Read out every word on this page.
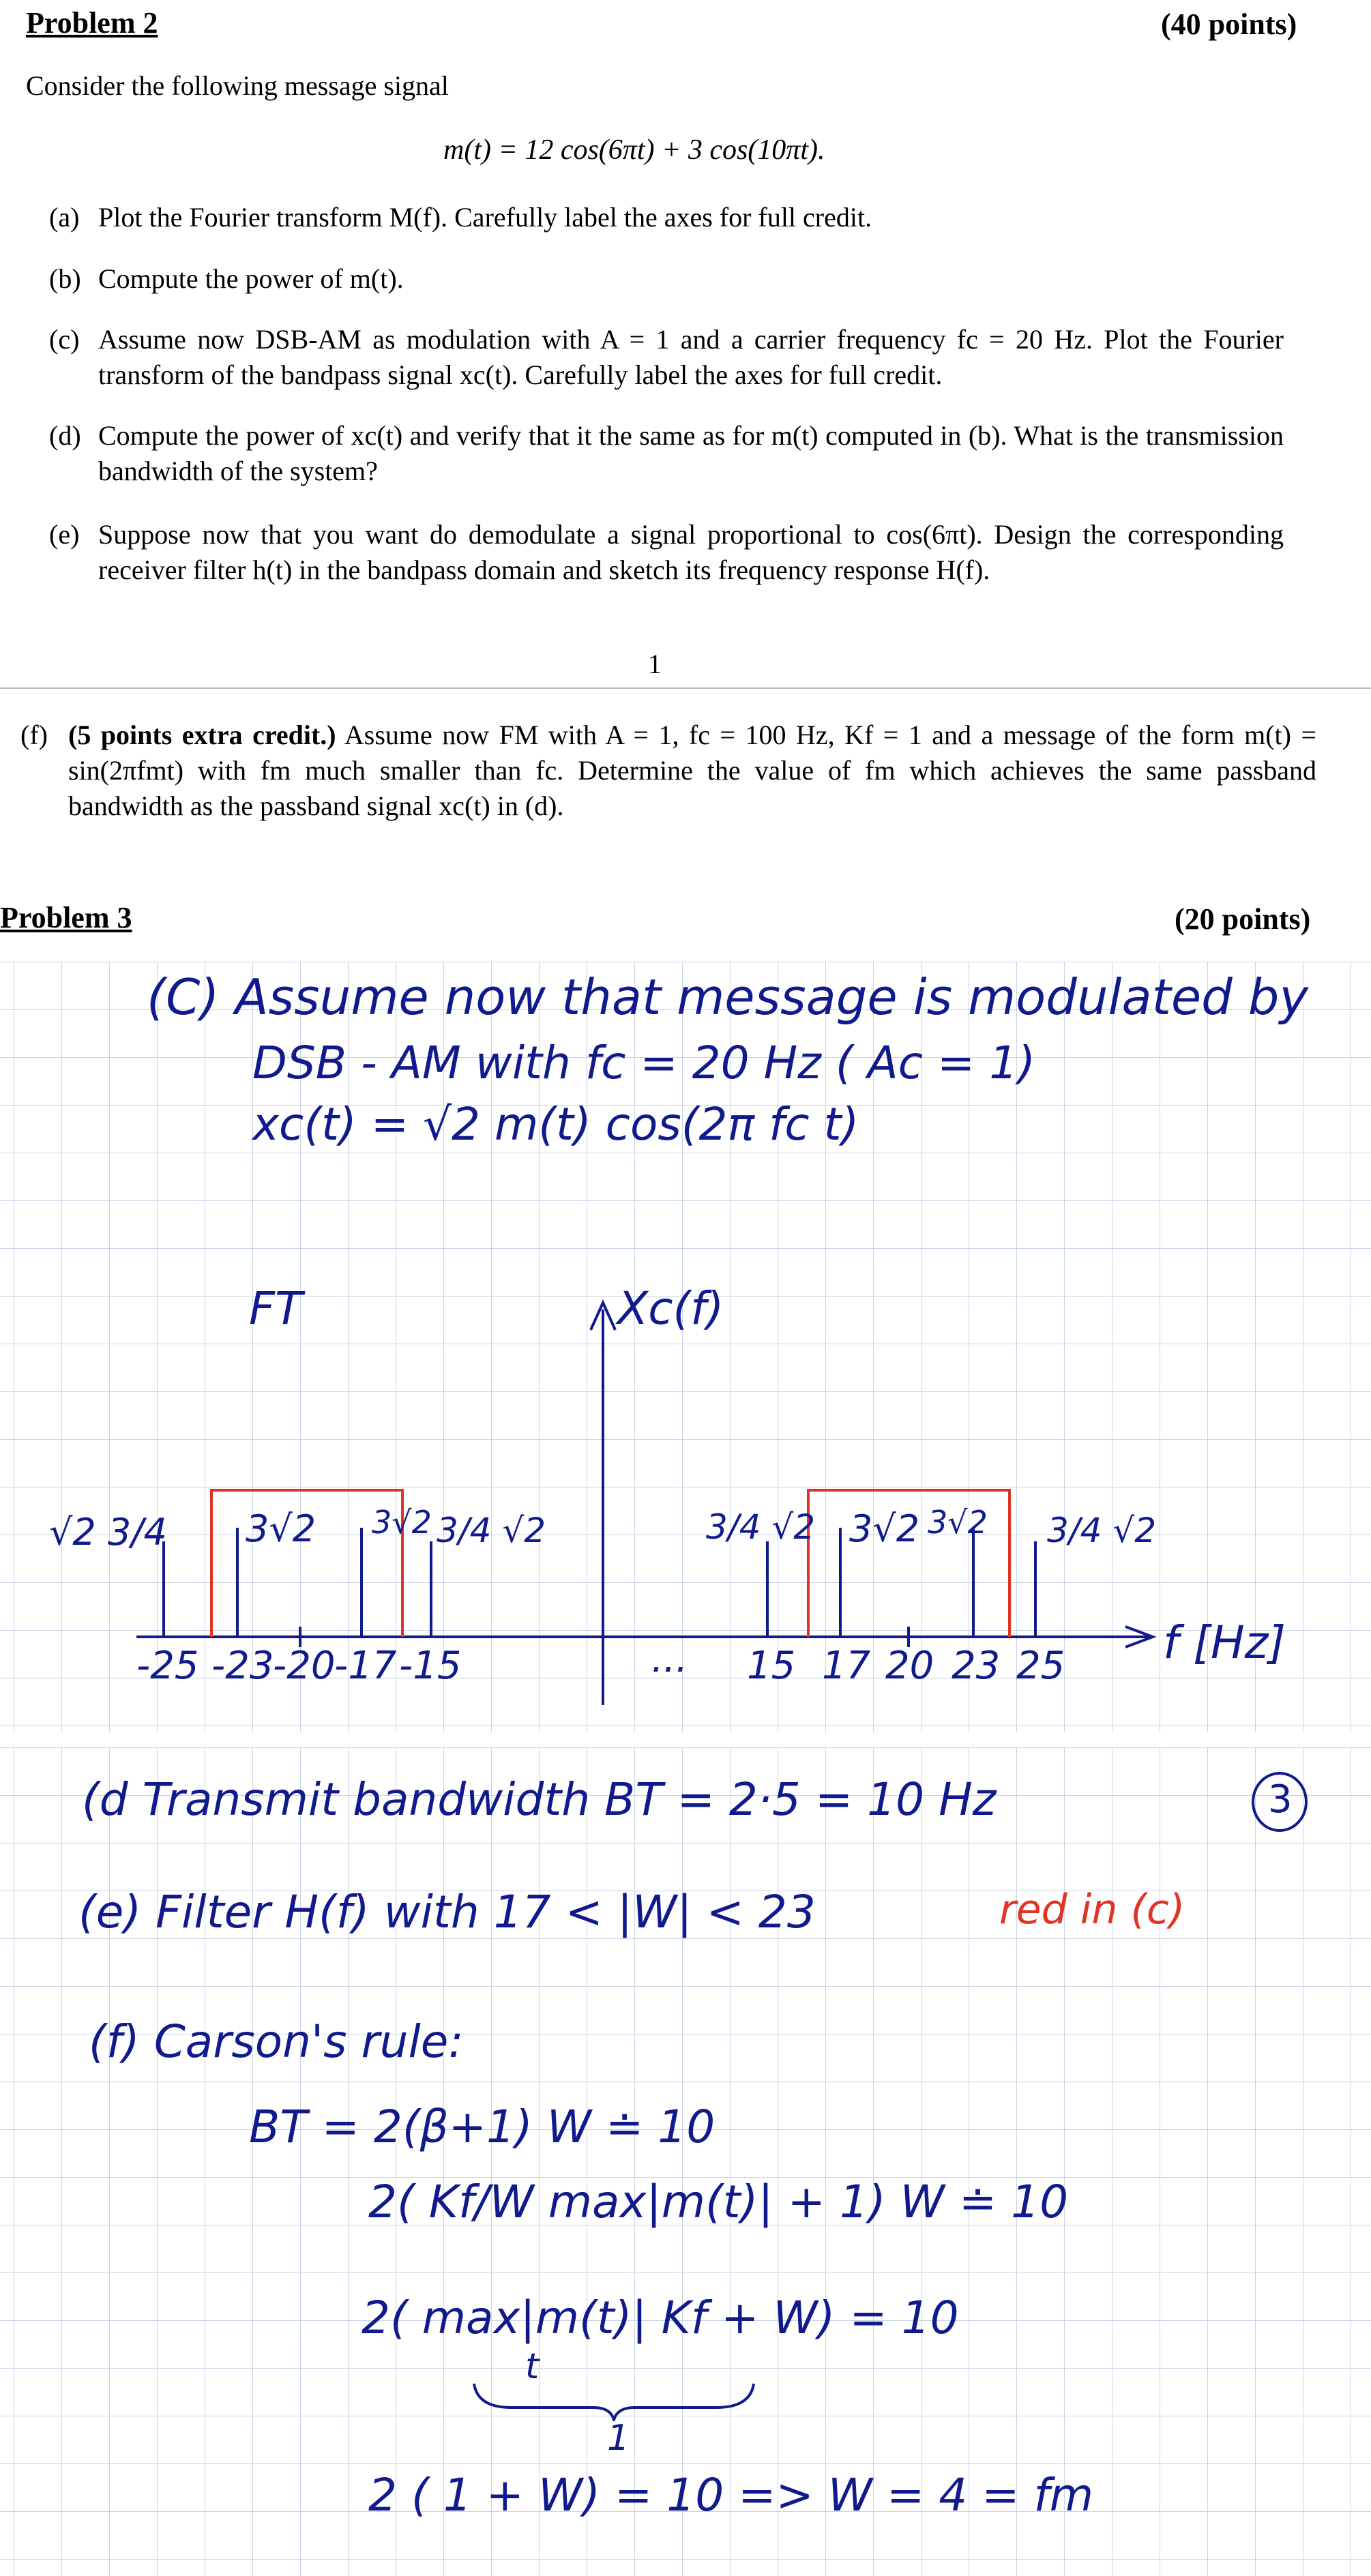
Problem 2	(40 points)
Consider the following message signal
m(t) = 12 cos(6πt) + 3 cos(10πt).
(a) Plot the Fourier transform M(f). Carefully label the axes for full credit.
(b) Compute the power of m(t).
(c) Assume now DSB-AM as modulation with A = 1 and a carrier frequency fc = 20 Hz. Plot the Fourier transform of the bandpass signal xc(t). Carefully label the axes for full credit.
(d) Compute the power of xc(t) and verify that it the same as for m(t) computed in (b). What is the transmission bandwidth of the system?
(e) Suppose now that you want do demodulate a signal proportional to cos(6πt). Design the corresponding receiver filter h(t) in the bandpass domain and sketch its frequency response H(f).
1
(f) (5 points extra credit.) Assume now FM with A = 1, fc = 100 Hz, Kf = 1 and a message of the form m(t) = sin(2πfmt) with fm much smaller than fc. Determine the value of fm which achieves the same passband bandwidth as the passband signal xc(t) in (d).
Problem 3	(20 points)
(C) Assume now that message is modulated by
DSB - AM with fc = 20 Hz ( Ac = 1)
xc(t) = √2 m(t) cos(2π fc t)
FT	Xc(f)
√2 3/4 3√2 3√2 3/4 √2	3/4 √2 3√2 3√2 3/4 √2
-25 -23
-20
-17 -15	... 15 17 20 23 25 f [Hz]
(d Transmit bandwidth BT = 2·5 = 10 Hz	3
(e) Filter H(f) with 17 < |W| < 23	red in (c)
(f) Carson's rule:
BT = 2(β+1) W ≐ 10
2( Kf/W max|m(t)| + 1) W ≐ 10
2( max|m(t)| Kf + W) = 10
t
1
2 ( 1 + W) = 10 => W = 4 = fm
